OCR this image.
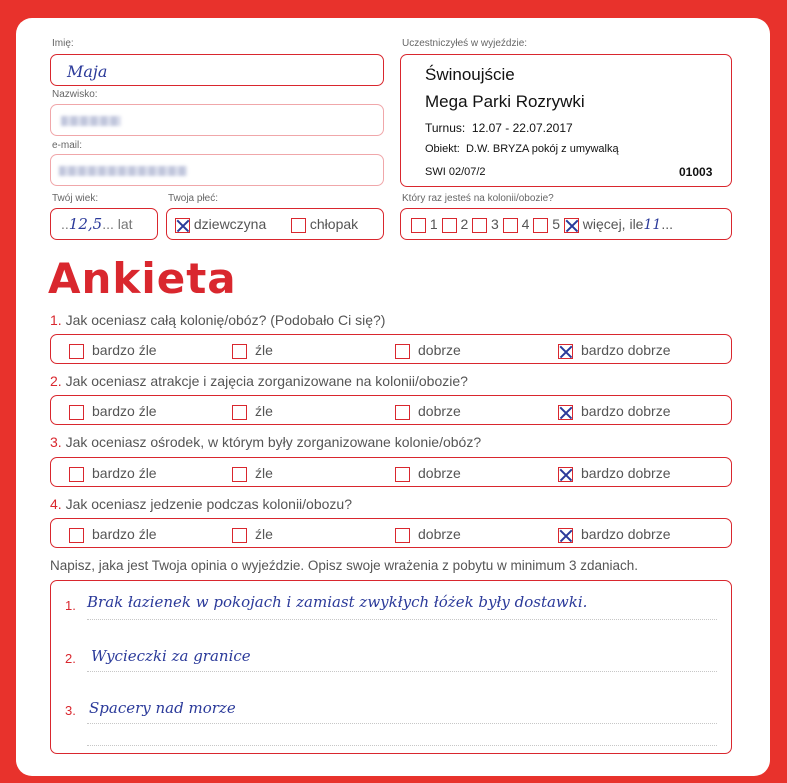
Imię:
Maja
Nazwisko:
e-mail:
Twój wiek:
..12,5... lat
Twoja płeć:
dziewczyna	chłopak
Uczestniczyłeś w wyjeździe:
Świnoujście
Mega Parki Rozrywki
Turnus: 12.07 - 22.07.2017
Obiekt: D.W. BRYZA pokój z umywalką
SWI 02/07/2	01003
Który raz jesteś na kolonii/obozie?
1 2 3 4 5 więcej, ile11...
Ankieta
1. Jak oceniasz całą kolonię/obóz? (Podobało Ci się?)
bardzo źle	źle	dobrze	bardzo dobrze
2. Jak oceniasz atrakcje i zajęcia zorganizowane na kolonii/obozie?
bardzo źle	źle	dobrze	bardzo dobrze
3. Jak oceniasz ośrodek, w którym były zorganizowane kolonie/obóz?
bardzo źle	źle	dobrze	bardzo dobrze
4. Jak oceniasz jedzenie podczas kolonii/obozu?
bardzo źle	źle	dobrze	bardzo dobrze
Napisz, jaka jest Twoja opinia o wyjeździe. Opisz swoje wrażenia z pobytu w minimum 3 zdaniach.
1. Brak łazienek w pokojach i zamiast zwykłych łóżek były dostawki.
2. Wycieczki za granice
3. Spacery nad morze
